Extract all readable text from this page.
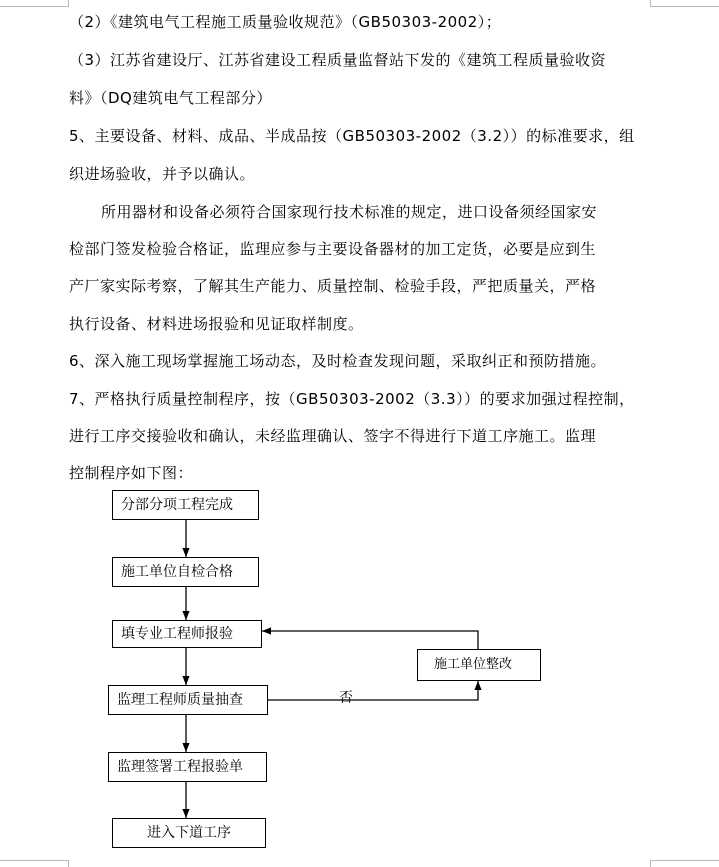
（2）《建筑电气工程施工质量验收规范》（GB50303-2002）；
（3）江苏省建设厅、江苏省建设工程质量监督站下发的《建筑工程质量验收资
料》（DQ建筑电气工程部分）
5、主要设备、材料、成品、半成品按（GB50303-2002（3.2））的标准要求，组
织进场验收，并予以确认。
所用器材和设备必须符合国家现行技术标准的规定，进口设备须经国家安
检部门签发检验合格证，监理应参与主要设备器材的加工定货，必要是应到生
产厂家实际考察，了解其生产能力、质量控制、检验手段，严把质量关，严格
执行设备、材料进场报验和见证取样制度。
6、深入施工现场掌握施工场动态，及时检查发现问题，采取纠正和预防措施。
7、严格执行质量控制程序，按（GB50303-2002（3.3））的要求加强过程控制，
进行工序交接验收和确认，未经监理确认、签字不得进行下道工序施工。监理
控制程序如下图：
分部分项工程完成
施工单位自检合格
填专业工程师报验
监理工程师质量抽查
监理签署工程报验单
进入下道工序
施工单位整改
否
